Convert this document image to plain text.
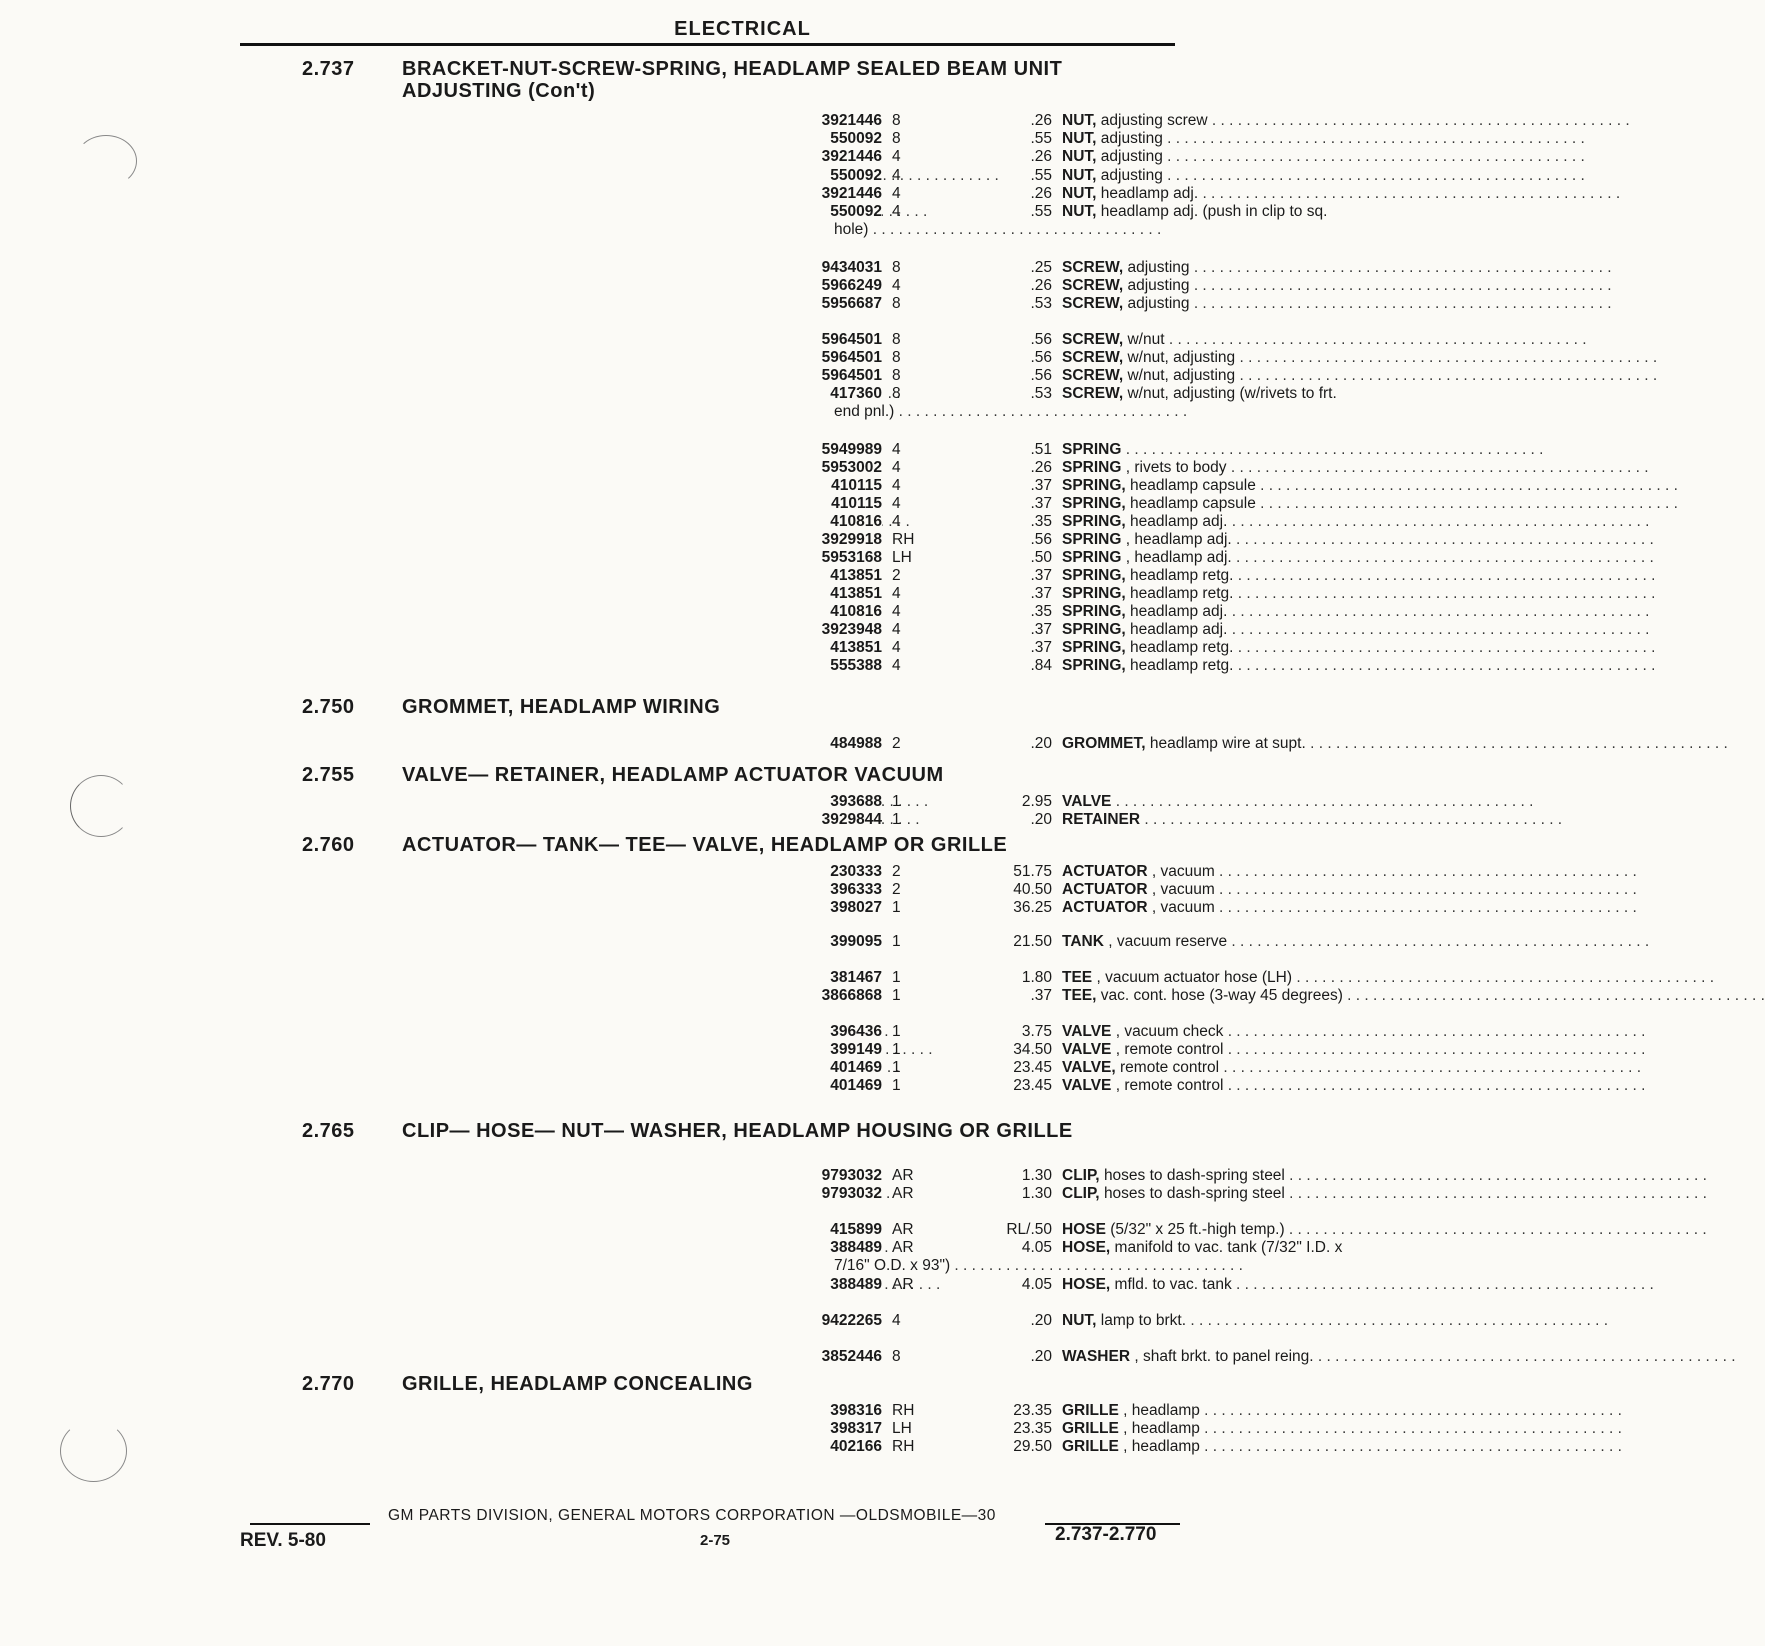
ELECTRICAL
2.737 BRACKET-NUT-SCREW-SPRING, HEADLAMP SEALED BEAM UNIT
ADJUSTING (Con't)
. . .
3921446 8	.26 NUT, adjusting screw . . .
. . .
550092 8	.55 NUT, adjusting . . .
. . .
3921446 4	.26 NUT, adjusting . . .
. . .
550092 4	.55 NUT, adjusting . . .
. . .
3921446 4	.26 NUT, headlamp adj. . . .
. . .
550092 4	.55 NUT, headlamp adj. (push in clip to sq.
hole) . . .
. . .
9434031 8	.25 SCREW, adjusting . . .
. . .
5966249 4	.26 SCREW, adjusting . . .
. . .
5956687 8	.53 SCREW, adjusting . . .
. . .
5964501 8	.56 SCREW, w/nut . . .
. . .
5964501 8	.56 SCREW, w/nut, adjusting . . .
. . .
5964501 8	.56 SCREW, w/nut, adjusting . . .
. . .
417360 8	.53 SCREW, w/nut, adjusting (w/rivets to frt.
end pnl.) . . .
. . .
5949989 4	.51 SPRING . . .
. . .
5953002 4	.26 SPRING , rivets to body . . .
. . .
410115 4	.37 SPRING, headlamp capsule . . .
. . .
410115 4	.37 SPRING, headlamp capsule . . .
. . .
410816 4	.35 SPRING, headlamp adj. . . .
. . .
3929918 RH	.56 SPRING , headlamp adj. . . .
. . .
5953168 LH	.50 SPRING , headlamp adj. . . .
. . .
413851 2	.37 SPRING, headlamp retg. . . .
. . .
413851 4	.37 SPRING, headlamp retg. . . .
. . .
410816 4	.35 SPRING, headlamp adj. . . .
. . .
3923948 4	.37 SPRING, headlamp adj. . . .
. . .
413851 4	.37 SPRING, headlamp retg. . . .
. . .
555388 4	.84 SPRING, headlamp retg. . . .
2.750 GROMMET, HEADLAMP WIRING
. . .
484988 2	.20 GROMMET, headlamp wire at supt. . . .
2.755 VALVE— RETAINER, HEADLAMP ACTUATOR VACUUM
. . .
393688 1	2.95 VALVE . . .
. . .
3929844 1	.20 RETAINER . . .
2.760 ACTUATOR— TANK— TEE— VALVE, HEADLAMP OR GRILLE
. . .
230333 2	51.75 ACTUATOR , vacuum . . .
. . .
396333 2	40.50 ACTUATOR , vacuum . . .
. . .
398027 1	36.25 ACTUATOR , vacuum . . .
. . .
399095 1	21.50 TANK , vacuum reserve . . .
. . .
381467 1	1.80 TEE , vacuum actuator hose (LH) . . .
. . .
3866868 1	.37 TEE, vac. cont. hose (3-way 45 degrees) . . .
. . .
396436 1	3.75 VALVE , vacuum check . . .
. . .
399149 1	34.50 VALVE , remote control . . .
. . .
401469 1	23.45 VALVE, remote control . . .
. . .
401469 1	23.45 VALVE , remote control . . .
2.765 CLIP— HOSE— NUT— WASHER, HEADLAMP HOUSING OR GRILLE
. . .
9793032 AR	1.30 CLIP, hoses to dash-spring steel . . .
. . .
9793032 AR	1.30 CLIP, hoses to dash-spring steel . . .
. . .
415899 AR	RL/.50 HOSE (5/32" x 25 ft.-high temp.) . . .
. . .
388489 AR	4.05 HOSE, manifold to vac. tank (7/32" I.D. x
7/16" O.D. x 93") . . .
. . .
388489 AR	4.05 HOSE, mfld. to vac. tank . . .
. . .
9422265 4	.20 NUT, lamp to brkt. . . .
. . .
3852446 8	.20 WASHER , shaft brkt. to panel reing. . . .
2.770 GRILLE, HEADLAMP CONCEALING
. . .
398316 RH	23.35 GRILLE , headlamp . . .
. . .
398317 LH	23.35 GRILLE , headlamp . . .
. . .
402166 RH	29.50 GRILLE , headlamp . . .
GM PARTS DIVISION, GENERAL MOTORS CORPORATION —OLDSMOBILE—30
REV. 5-80	2-75	2.737-2.770
